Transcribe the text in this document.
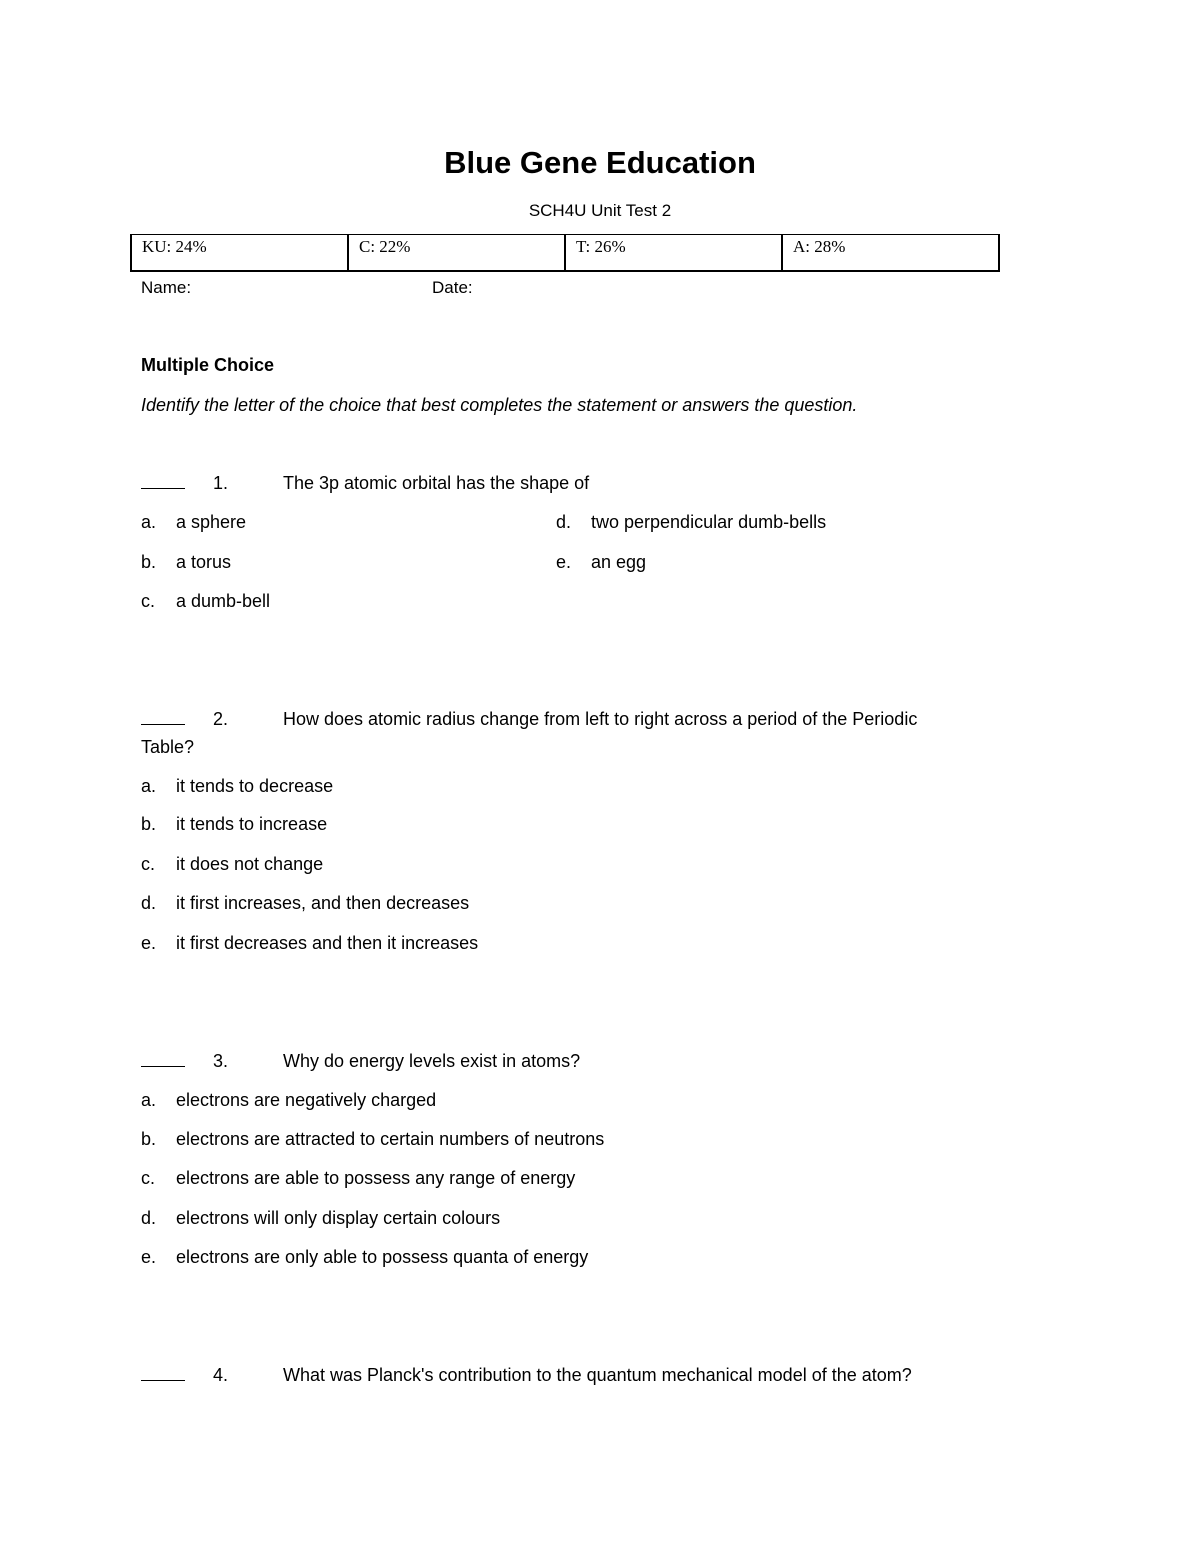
Blue Gene Education
SCH4U Unit Test 2
KU: 24%	C: 22%	T: 26%	A: 28%
Name:	Date:
Multiple Choice
Identify the letter of the choice that best completes the statement or answers the question.
1.	The 3p atomic orbital has the shape of
a. a sphere
b. a torus
c. a dumb-bell
d. two perpendicular dumb-bells
e. an egg
2.	How does atomic radius change from left to right across a period of the Periodic
Table?
a. it tends to decrease
b. it tends to increase
c. it does not change
d. it first increases, and then decreases
e. it first decreases and then it increases
3.	Why do energy levels exist in atoms?
a. electrons are negatively charged
b. electrons are attracted to certain numbers of neutrons
c. electrons are able to possess any range of energy
d. electrons will only display certain colours
e. electrons are only able to possess quanta of energy
4.	What was Planck's contribution to the quantum mechanical model of the atom?
